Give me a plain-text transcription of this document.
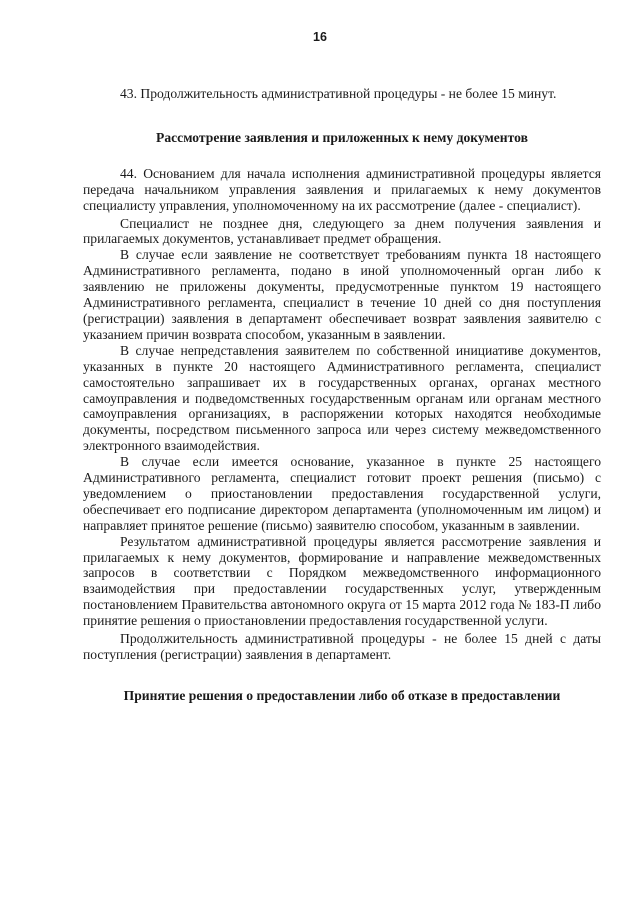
16

43. Продолжительность административной процедуры - не более 15 минут.

Рассмотрение заявления и приложенных к нему документов

44. Основанием для начала исполнения административной процедуры является передача начальником управления заявления и прилагаемых к нему документов специалисту управления, уполномоченному на их рассмотрение (далее - специалист).

Специалист не позднее дня, следующего за днем получения заявления и прилагаемых документов, устанавливает предмет обращения.

В случае если заявление не соответствует требованиям пункта 18 настоящего Административного регламента, подано в иной уполномоченный орган либо к заявлению не приложены документы, предусмотренные пунктом 19 настоящего Административного регламента, специалист в течение 10 дней со дня поступления (регистрации) заявления в департамент обеспечивает возврат заявления заявителю с указанием причин возврата способом, указанным в заявлении.

В случае непредставления заявителем по собственной инициативе документов, указанных в пункте 20 настоящего Административного регламента, специалист самостоятельно запрашивает их в государственных органах, органах местного самоуправления и подведомственных государственным органам или органам местного самоуправления организациях, в распоряжении которых находятся необходимые документы, посредством письменного запроса или через систему межведомственного электронного взаимодействия.

В случае если имеется основание, указанное в пункте 25 настоящего Административного регламента, специалист готовит проект решения (письмо) с уведомлением о приостановлении предоставления государственной услуги, обеспечивает его подписание директором департамента (уполномоченным им лицом) и направляет принятое решение (письмо) заявителю способом, указанным в заявлении.

Результатом административной процедуры является рассмотрение заявления и прилагаемых к нему документов, формирование и направление межведомственных запросов в соответствии с Порядком межведомственного информационного взаимодействия при предоставлении государственных услуг, утвержденным постановлением Правительства автономного округа от 15 марта 2012 года № 183-П либо принятие решения о приостановлении предоставления государственной услуги.

Продолжительность административной процедуры - не более 15 дней с даты поступления (регистрации) заявления в департамент.

Принятие решения о предоставлении либо об отказе в предоставлении
